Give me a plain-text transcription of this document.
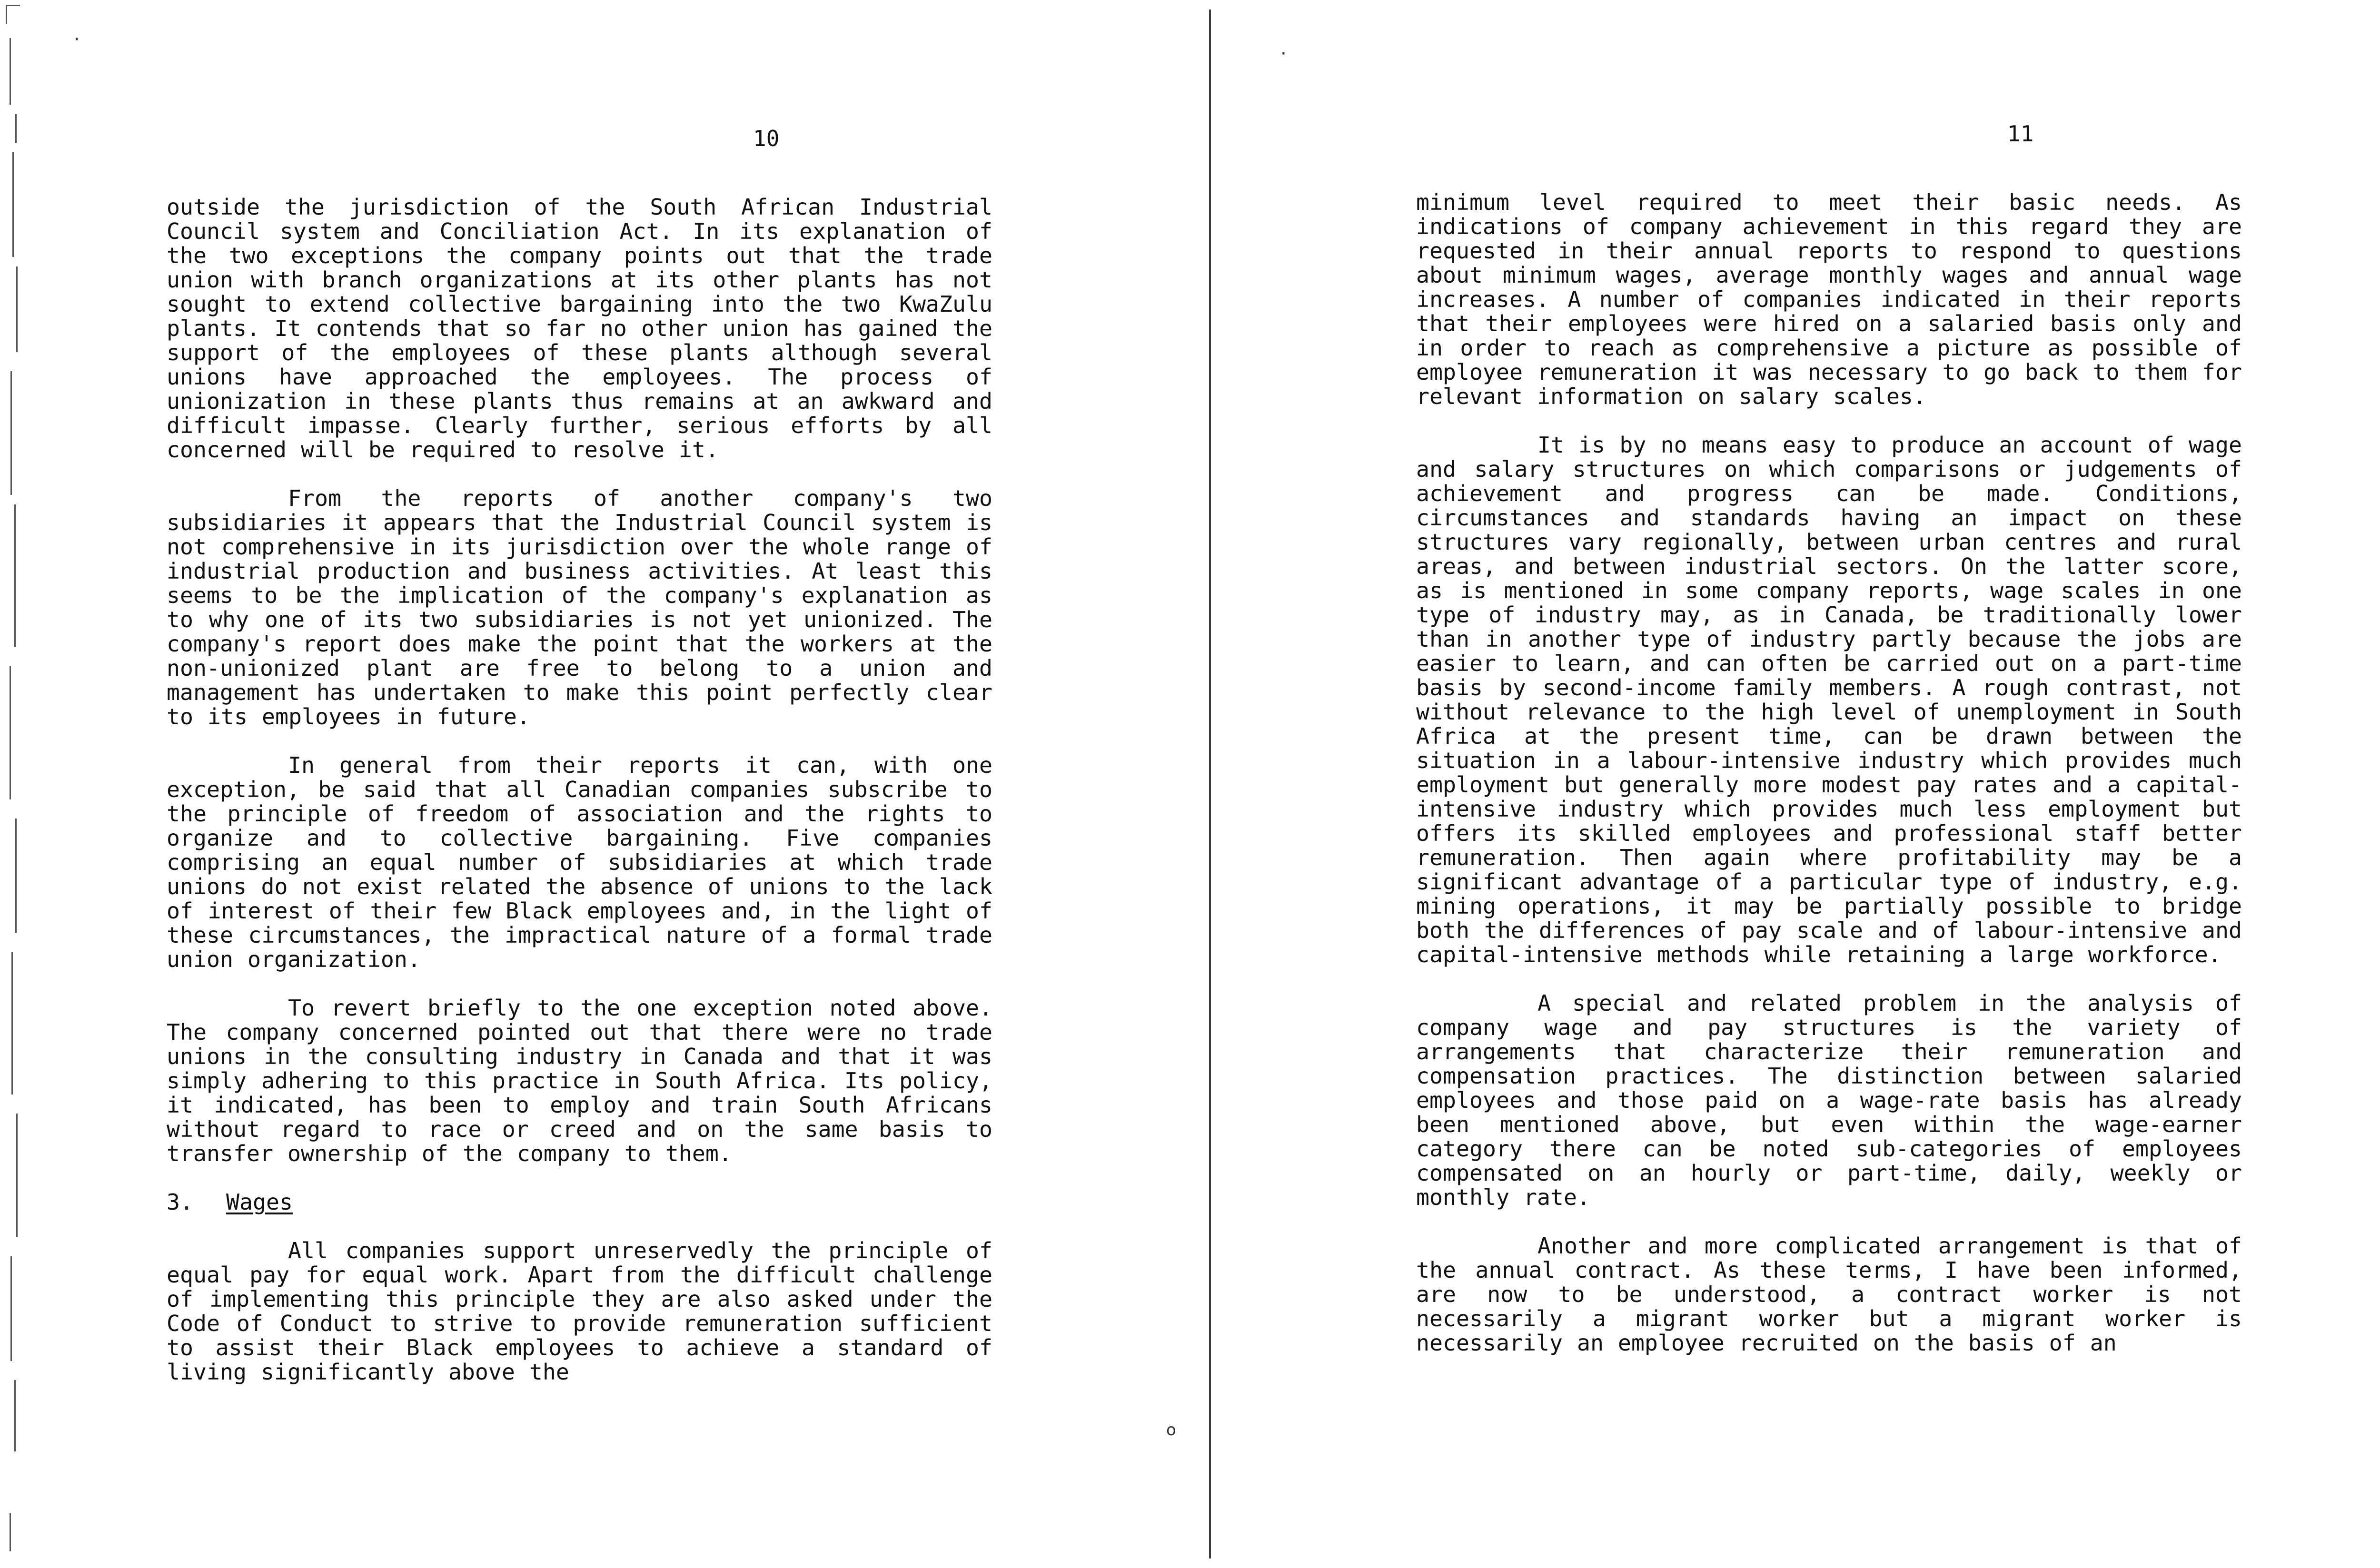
·
·
o
10

outside the jurisdiction of the South African Industrial Council system and Conciliation Act. In its explanation of the two exceptions the company points out that the trade union with branch organizations at its other plants has not sought to extend collective bargaining into the two KwaZulu plants. It contends that so far no other union has gained the support of the employees of these plants although several unions have approached the employees. The process of unionization in these plants thus remains at an awkward and difficult impasse. Clearly further, serious efforts by all concerned will be required to resolve it.

From the reports of another company's two subsidiaries it appears that the Industrial Council system is not comprehensive in its jurisdiction over the whole range of industrial production and business activities. At least this seems to be the implication of the company's explanation as to why one of its two subsidiaries is not yet unionized. The company's report does make the point that the workers at the non-unionized plant are free to belong to a union and management has undertaken to make this point perfectly clear to its employees in future.

In general from their reports it can, with one exception, be said that all Canadian companies subscribe to the principle of freedom of association and the rights to organize and to collective bargaining. Five companies comprising an equal number of subsidiaries at which trade unions do not exist related the absence of unions to the lack of interest of their few Black employees and, in the light of these circumstances, the impractical nature of a formal trade union organization.

To revert briefly to the one exception noted above. The company concerned pointed out that there were no trade unions in the consulting industry in Canada and that it was simply adhering to this practice in South Africa. Its policy, it indicated, has been to employ and train South Africans without regard to race or creed and on the same basis to transfer ownership of the company to them.

3. Wages

All companies support unreservedly the principle of equal pay for equal work. Apart from the difficult challenge of implementing this principle they are also asked under the Code of Conduct to strive to provide remuneration sufficient to assist their Black employees to achieve a standard of living significantly above the

11

minimum level required to meet their basic needs. As indications of company achievement in this regard they are requested in their annual reports to respond to questions about minimum wages, average monthly wages and annual wage increases. A number of companies indicated in their reports that their employees were hired on a salaried basis only and in order to reach as comprehensive a picture as possible of employee remuneration it was necessary to go back to them for relevant information on salary scales.

It is by no means easy to produce an account of wage and salary structures on which comparisons or judgements of achievement and progress can be made. Conditions, circumstances and standards having an impact on these structures vary regionally, between urban centres and rural areas, and between industrial sectors. On the latter score, as is mentioned in some company reports, wage scales in one type of industry may, as in Canada, be traditionally lower than in another type of industry partly because the jobs are easier to learn, and can often be carried out on a part-time basis by second-income family members. A rough contrast, not without relevance to the high level of unemployment in South Africa at the present time, can be drawn between the situation in a labour-intensive industry which provides much employment but generally more modest pay rates and a capital-intensive industry which provides much less employment but offers its skilled employees and professional staff better remuneration. Then again where profitability may be a significant advantage of a particular type of industry, e.g. mining operations, it may be partially possible to bridge both the differences of pay scale and of labour-intensive and capital-intensive methods while retaining a large workforce.

A special and related problem in the analysis of company wage and pay structures is the variety of arrangements that characterize their remuneration and compensation practices. The distinction between salaried employees and those paid on a wage-rate basis has already been mentioned above, but even within the wage-earner category there can be noted sub-categories of employees compensated on an hourly or part-time, daily, weekly or monthly rate.

Another and more complicated arrangement is that of the annual contract. As these terms, I have been informed, are now to be understood, a contract worker is not necessarily a migrant worker but a migrant worker is necessarily an employee recruited on the basis of an
